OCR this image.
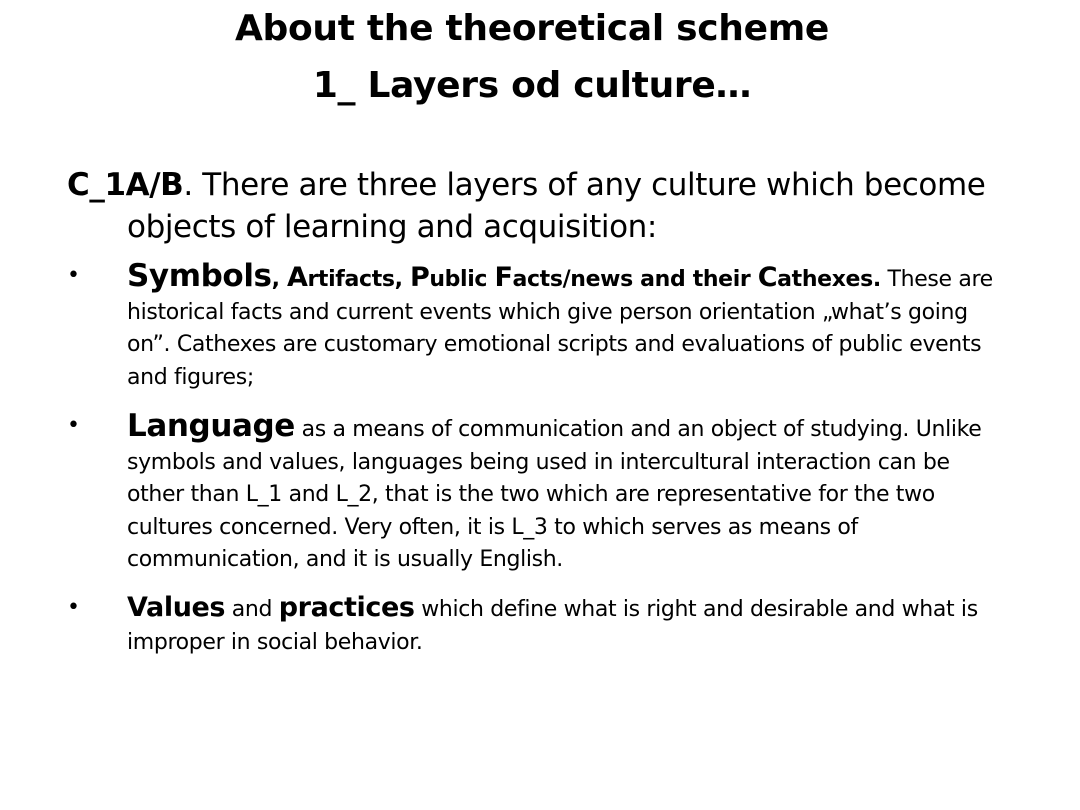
About the theoretical scheme
1_ Layers od culture…
C_1A/B. There are three layers of any culture which become objects of learning and acquisition:
• Symbols, Artifacts, Public Facts/news and their Cathexes. These are historical facts and current events which give person orientation „what’s going on”. Cathexes are customary emotional scripts and evaluations of public events and figures;
• Language as a means of communication and an object of studying. Unlike symbols and values, languages being used in intercultural interaction can be other than L_1 and L_2, that is the two which are representative for the two cultures concerned. Very often, it is L_3 to which serves as means of communication, and it is usually English.
• Values and practices which define what is right and desirable and what is improper in social behavior.
